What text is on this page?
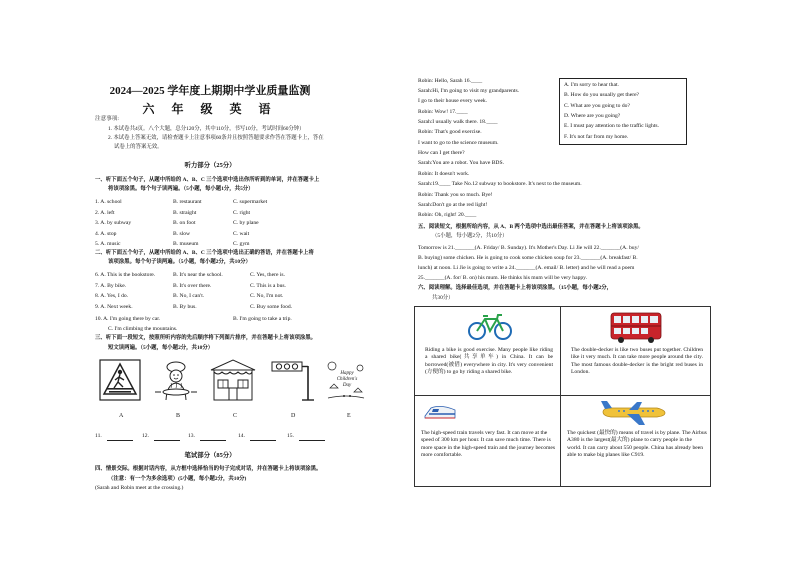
2024—2025 学年度上期期中学业质量监测
六 年 级 英 语
注意事项:
1. 本试卷共4页。八个大题，总分120分，其中110分，书写10分，考试时间60分钟）
2. 本试卷上答案无效，请检查题卡上注意事项60条并且按照答题要求作答在答题卡上，答在
试卷上的答案无效。
听力部分（25分）
一、听下面五个句子，从题中所给的 A、B、C 三个选项中选出你所听到的单词，并在答题卡上
将该项涂黑。每个句子读两遍。（5小题，每小题1分，共5分）
1. A. school	B. restaurant	C. supermarket
2. A. left	B. straight	C. right
3. A. by subway	B. on foot	C. by plane
4. A. stop	B. slow	C. wait
5. A. music	B. museum	C. gym
二、听下面五个句子，从题中所给的 A、B、C 三个选项中选出正确的答语，并在答题卡上将
该项涂黑。每个句子读两遍。（5小题，每小题2分，共10分）
6. A. This is the bookstore.	B. It's near the school.	C. Yes, there is.
7. A. By bike.	B. It's over there.	C. This is a bus.
8. A. Yes, I do.	B. No, I can't.	C. No, I'm not.
9. A. Next week.	B. By bus.	C. Buy some food.
10. A. I'm going there by car.	B. I'm going to take a trip.
C. I'm climbing the mountains.
三、听下面一段短文，按照所听内容的先后顺序将下列图片排序，并在答题卡上将该项涂黑。
短文读两遍。（5小题，每小题2分，共10分）
Happy Children's Day
A	B	C	D	E
11.	12.	13.	14.	15.
笔试部分（85分）
四、情景交际。根据对话内容，从方框中选择恰当的句子完成对话，并在答题卡上将该项涂黑。
（注意：有一个为多余选项）(5小题，每小题2分，共10分)
(Sarah and Robin meet at the crossing.)
Robin: Hello, Sarah 16.____
Sarah:Hi, I'm going to visit my grandparents.
I go to their house every week.
Robin: Wow! 17.____
Sarah:I usually walk there. 18.____
Robin: That's good exercise.
I want to go to the science museum.
How can I get there?
Sarah:You are a robot. You have BDS.
Robin: It doesn't work.
Sarah:19.____ Take No.12 subway to bookstore. It's next to the museum.
Robin: Thank you so much. Bye!
Sarah:Don't go at the red light!
Robin: Oh, right! 20.____
A. I'm sorry to hear that.
B. How do you usually get there?
C. What are you going to do?
D. Where are you going?
E. I must pay attention to the traffic lights.
F. It's not far from my home.
五、阅读短文，根据所给内容，从 A、B 两个选项中选出最佳答案，并在答题卡上将该项涂黑。
（5小题，每小题2分，共10分）
Tomorrow is 21._______(A. Friday/ B. Sunday). It's Mother's Day. Li Jie will 22._______(A. buy/
B. buying) some chicken. He is going to cook some chicken soup for 23._______(A. breakfast/ B.
lunch) at noon. Li Jie is going to write a 24._______(A. email/ B. letter) and he will read a poem
25._______(A. for/ B. on) his mum. He thinks his mum will be very happy.
六、阅读理解。选择最佳选项，并在答题卡上将该项涂黑。（15小题，每小题2分，
共30分）
Riding a bike is good exercise. Many people like riding a shared bike(共享单车) in China. It can be borrowed(被借) everywhere in city. It's very convenient (方便的) to go by riding a shared bike.
The double-decker is like two buses put together. Children like it very much. It can take more people around the city. The most famous double-decker is the bright red buses in London.
The high-speed train travels very fast. It can move at the speed of 300 km per hour. It can save much time. There is more space in the high-speed train and the journey becomes more comfortable.
The quickest (最快的) means of travel is by plane. The Airbus A380 is the largest(最大的) plane to carry people in the world. It can carry about 550 people. China has already been able to make big planes like C919.
